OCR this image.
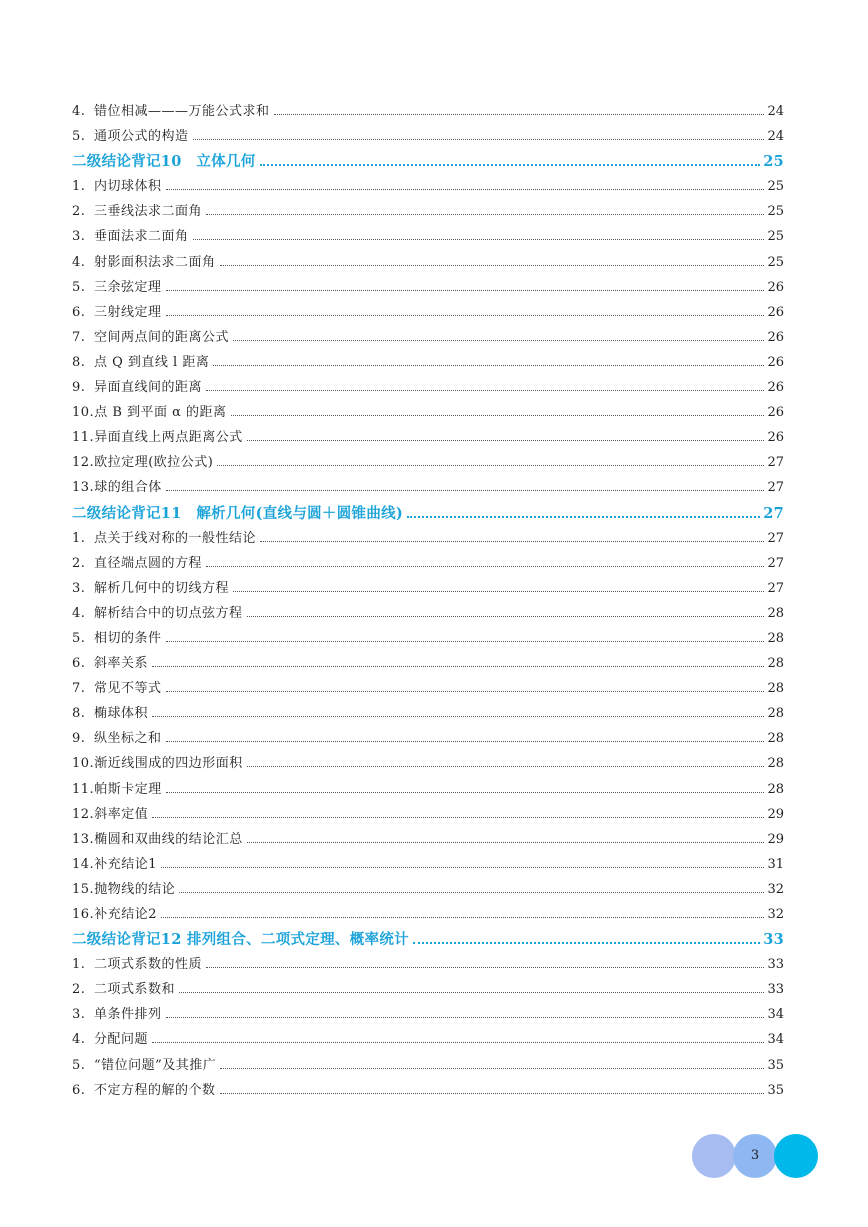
4. 错位相减———万能公式求和	24
5. 通项公式的构造	24
二级结论背记10　立体几何	25
1. 内切球体积	25
2. 三垂线法求二面角	25
3. 垂面法求二面角	25
4. 射影面积法求二面角	25
5. 三余弦定理	26
6. 三射线定理	26
7. 空间两点间的距离公式	26
8. 点 Q 到直线 l 距离	26
9. 异面直线间的距离	26
10.点 B 到平面 α 的距离	26
11.异面直线上两点距离公式	26
12.欧拉定理(欧拉公式)	27
13.球的组合体	27
二级结论背记11　解析几何(直线与圆＋圆锥曲线)	27
1. 点关于线对称的一般性结论	27
2. 直径端点圆的方程	27
3. 解析几何中的切线方程	27
4. 解析结合中的切点弦方程	28
5. 相切的条件	28
6. 斜率关系	28
7. 常见不等式	28
8. 椭球体积	28
9. 纵坐标之和	28
10.渐近线围成的四边形面积	28
11.帕斯卡定理	28
12.斜率定值	29
13.椭圆和双曲线的结论汇总	29
14.补充结论1	31
15.抛物线的结论	32
16.补充结论2	32
二级结论背记12 排列组合、二项式定理、概率统计	33
1. 二项式系数的性质	33
2. 二项式系数和	33
3. 单条件排列	34
4. 分配问题	34
5. “错位问题”及其推广	35
6. 不定方程的解的个数	35
3
